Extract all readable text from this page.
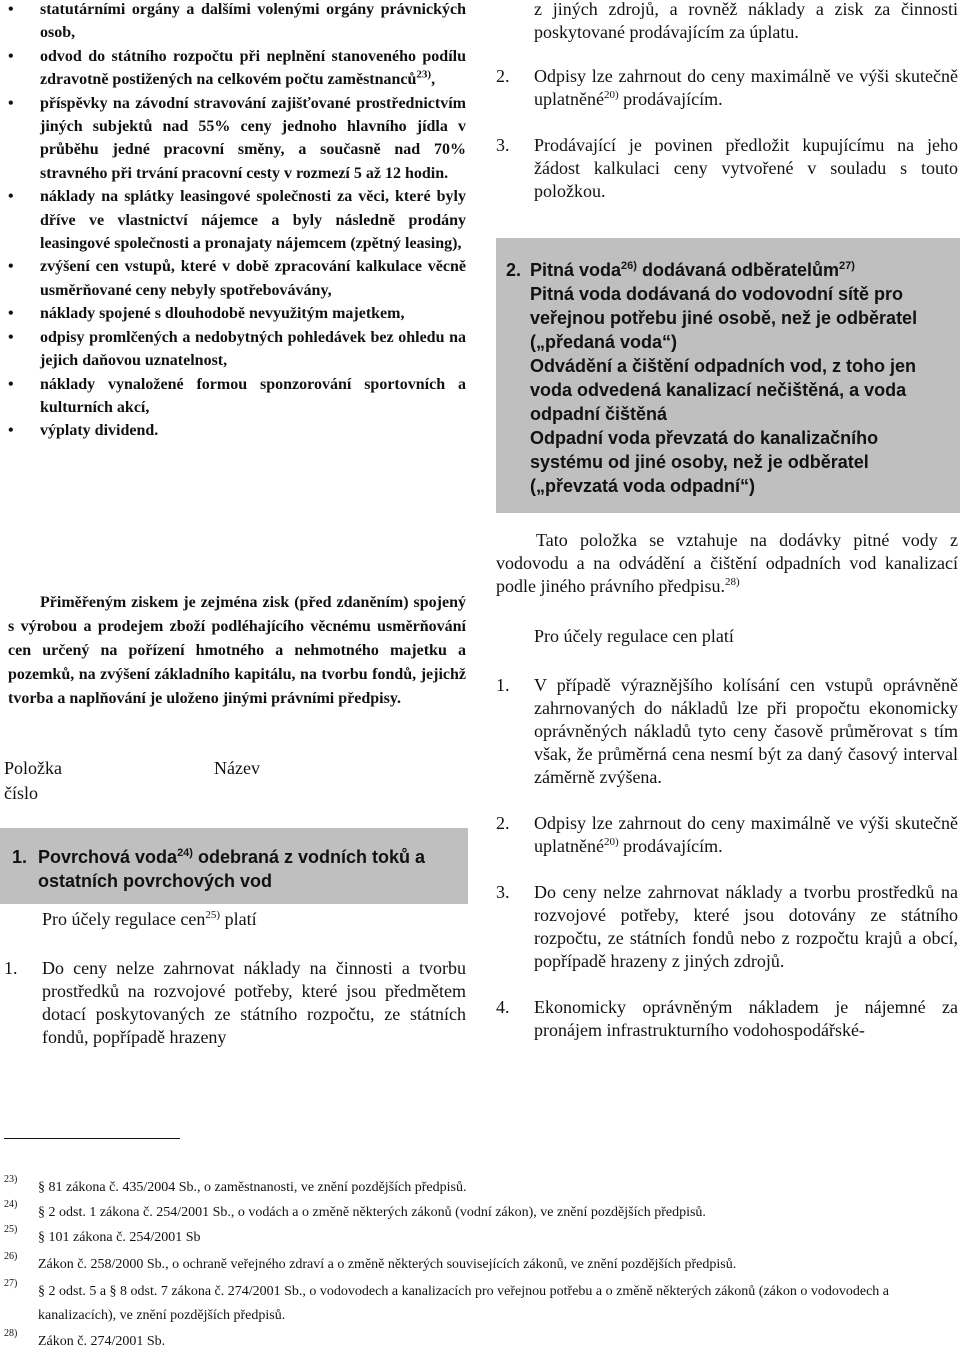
• statutárními orgány a dalšími volenými orgány právnických osob,
• odvod do státního rozpočtu při neplnění stanoveného podílu zdravotně postižených na celkovém počtu zaměstnanců$^{23)}$,
• příspěvky na závodní stravování zajišťované prostřednictvím jiných subjektů nad 55% ceny jednoho hlavního jídla v průběhu jedné pracovní směny, a současně nad 70% stravného při trvání pracovní cesty v rozmezí 5 až 12 hodin.
• náklady na splátky leasingové společnosti za věci, které byly dříve ve vlastnictví nájemce a byly následně prodány leasingové společnosti a pronajaty nájemcem (zpětný leasing),
• zvýšení cen vstupů, které v době zpracování kalkulace věcně usměrňované ceny nebyly spotřebovávány,
• náklady spojené s dlouhodobě nevyužitým majetkem,
• odpisy promlčených a nedobytných pohledávek bez ohledu na jejich daňovou uznatelnost,
• náklady vynaložené formou sponzorování sportovních a kulturních akcí,
• výplaty dividend.

Přiměřeným ziskem je zejména zisk (před zdaněním) spojený s výrobou a prodejem zboží podléhajícího věcnému usměrňování cen určený na pořízení hmotného a nehmotného majetku a pozemků, na zvýšení základního kapitálu, na tvorbu fondů, jejichž tvorba a naplňování je uloženo jinými právními předpisy.

Položka
číslo
Název
1. Povrchová voda$^{24)}$ odebraná z vodních toků a ostatních povrchových vod

Pro účely regulace cen$^{25)}$ platí

1. Do ceny nelze zahrnovat náklady na činnosti a tvorbu prostředků na rozvojové potřeby, které jsou předmětem dotací poskytovaných ze státního rozpočtu, ze státních fondů, popřípadě hrazeny

z jiných zdrojů, a rovněž náklady a zisk za činnosti poskytované prodávajícím za úplatu.

2. Odpisy lze zahrnout do ceny maximálně ve výši skutečně uplatněné$^{20)}$ prodávajícím.
3. Prodávající je povinen předložit kupujícímu na jeho žádost kalkulaci ceny vytvořené v souladu s touto položkou.
2. Pitná voda$^{26)}$ dodávaná odběratelům$^{27)}$
Pitná voda dodávaná do vodovodní sítě pro veřejnou potřebu jiné osobě, než je odběratel („předaná voda“)
Odvádění a čištění odpadních vod, z toho jen voda odvedená kanalizací nečištěná, a voda odpadní čištěná
Odpadní voda převzatá do kanalizačního systému od jiné osoby, než je odběratel („převzatá voda odpadní“)

Tato položka se vztahuje na dodávky pitné vody z vodovodu a na odvádění a čištění odpadních vod kanalizací podle jiného právního předpisu.$^{28)}$

Pro účely regulace cen platí

1. V případě výraznějšího kolísání cen vstupů oprávněně zahrnovaných do nákladů lze při propočtu ekonomicky oprávněných nákladů tyto ceny časově průměrovat s tím však, že průměrná cena nesmí být za daný časový interval záměrně zvýšena.
2. Odpisy lze zahrnout do ceny maximálně ve výši skutečně uplatněné$^{20)}$ prodávajícím.
3. Do ceny nelze zahrnovat náklady a tvorbu prostředků na rozvojové potřeby, které jsou dotovány ze státního rozpočtu, ze státních fondů nebo z rozpočtu krajů a obcí, popřípadě hrazeny z jiných zdrojů.
4. Ekonomicky oprávněným nákladem je nájemné za pronájem infrastrukturního vodohospodářské-
23)
§ 81 zákona č. 435/2004 Sb., o zaměstnanosti, ve znění pozdějších předpisů.
24)
§ 2 odst. 1 zákona č. 254/2001 Sb., o vodách a o změně některých zákonů (vodní zákon), ve znění pozdějších předpisů.
25)
§ 101 zákona č. 254/2001 Sb
26)
Zákon č. 258/2000 Sb., o ochraně veřejného zdraví a o změně některých souvisejících zákonů, ve znění pozdějších předpisů.
27)
§ 2 odst. 5 a § 8 odst. 7 zákona č. 274/2001 Sb., o vodovodech a kanalizacích pro veřejnou potřebu a o změně některých zákonů (zákon o vodovodech a kanalizacích), ve znění pozdějších předpisů.
28)
Zákon č. 274/2001 Sb.
